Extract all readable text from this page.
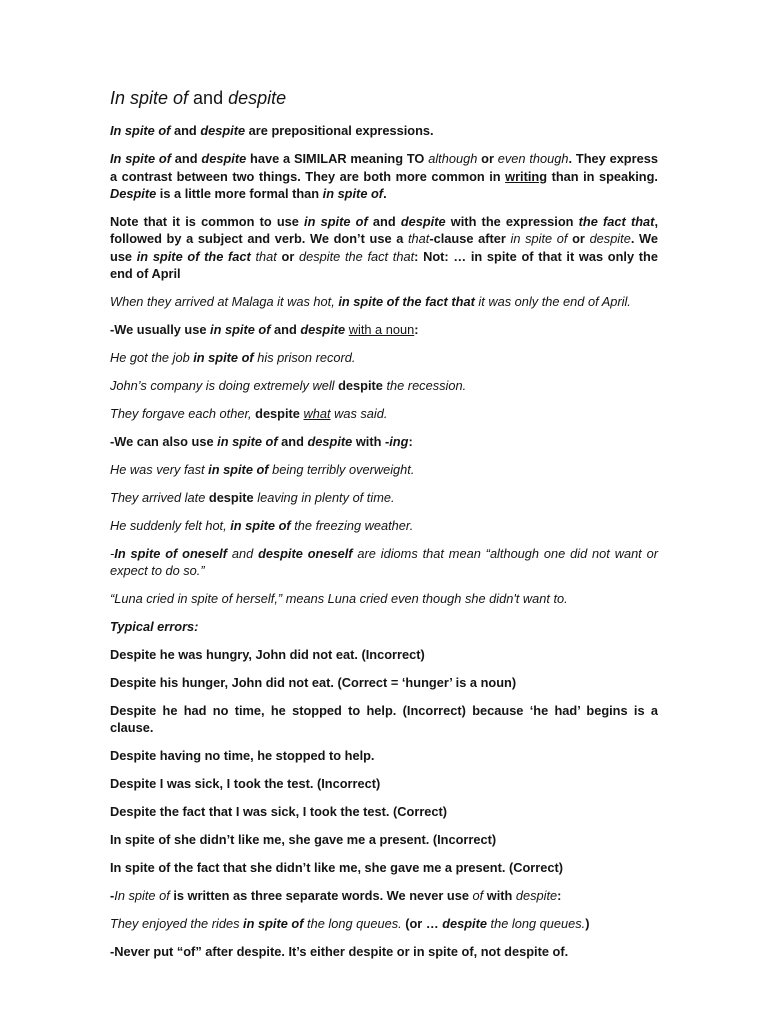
In spite of and despite

In spite of and despite are prepositional expressions.

In spite of and despite have a SIMILAR meaning TO although or even though. They express a contrast between two things. They are both more common in writing than in speaking. Despite is a little more formal than in spite of.

Note that it is common to use in spite of and despite with the expression the fact that, followed by a subject and verb. We don’t use a that-clause after in spite of or despite. We use in spite of the fact that or despite the fact that: Not: … in spite of that it was only the end of April

When they arrived at Malaga it was hot, in spite of the fact that it was only the end of April.

-We usually use in spite of and despite with a noun:

He got the job in spite of his prison record.

John’s company is doing extremely well despite the recession.

They forgave each other, despite what was said.

-We can also use in spite of and despite with -ing:

He was very fast in spite of being terribly overweight.

They arrived late despite leaving in plenty of time.

He suddenly felt hot, in spite of the freezing weather.

-In spite of oneself and despite oneself are idioms that mean “although one did not want or expect to do so.”

“Luna cried in spite of herself,” means Luna cried even though she didn't want to.

Typical errors:

Despite he was hungry, John did not eat. (Incorrect)

Despite his hunger, John did not eat. (Correct = ‘hunger’ is a noun)

Despite he had no time, he stopped to help. (Incorrect) because ‘he had’ begins is a clause.

Despite having no time, he stopped to help.

Despite I was sick, I took the test. (Incorrect)

Despite the fact that I was sick, I took the test. (Correct)

In spite of she didn’t like me, she gave me a present. (Incorrect)

In spite of the fact that she didn’t like me, she gave me a present. (Correct)

-In spite of is written as three separate words. We never use of with despite:

They enjoyed the rides in spite of the long queues. (or … despite the long queues.)

-Never put “of” after despite. It’s either despite or in spite of, not despite of.
